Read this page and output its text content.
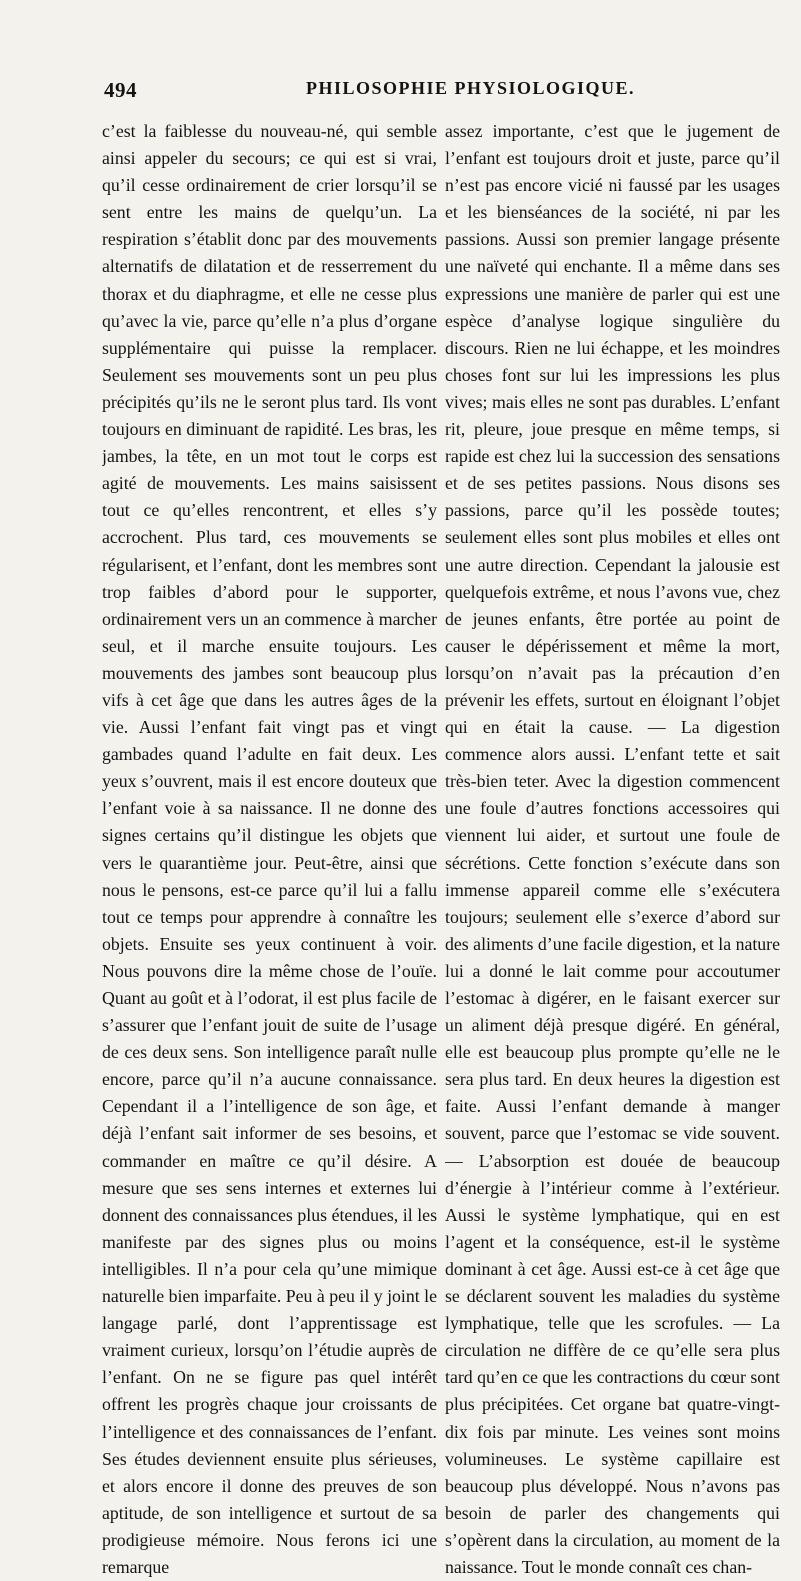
494	PHILOSOPHIE PHYSIOLOGIQUE.

c’est la faiblesse du nouveau-né, qui semble ainsi appeler du secours; ce qui est si vrai, qu’il cesse ordinairement de crier lorsqu’il se sent entre les mains de quelqu’un. La respiration s’établit donc par des mouvements alternatifs de dilatation et de resserrement du thorax et du diaphragme, et elle ne cesse plus qu’avec la vie, parce qu’elle n’a plus d’organe supplémentaire qui puisse la remplacer. Seulement ses mouvements sont un peu plus précipités qu’ils ne le seront plus tard. Ils vont toujours en diminuant de rapidité. Les bras, les jambes, la tête, en un mot tout le corps est agité de mouvements. Les mains saisissent tout ce qu’elles rencontrent, et elles s’y accrochent. Plus tard, ces mouvements se régularisent, et l’enfant, dont les membres sont trop faibles d’abord pour le supporter, ordinairement vers un an commence à marcher seul, et il marche ensuite toujours. Les mouvements des jambes sont beaucoup plus vifs à cet âge que dans les autres âges de la vie. Aussi l’enfant fait vingt pas et vingt gambades quand l’adulte en fait deux. Les yeux s’ouvrent, mais il est encore douteux que l’enfant voie à sa naissance. Il ne donne des signes certains qu’il distingue les objets que vers le quarantième jour. Peut-être, ainsi que nous le pensons, est-ce parce qu’il lui a fallu tout ce temps pour apprendre à connaître les objets. Ensuite ses yeux continuent à voir. Nous pouvons dire la même chose de l’ouïe. Quant au goût et à l’odorat, il est plus facile de s’assurer que l’enfant jouit de suite de l’usage de ces deux sens. Son intelligence paraît nulle encore, parce qu’il n’a aucune connaissance. Cependant il a l’intelligence de son âge, et déjà l’enfant sait informer de ses besoins, et commander en maître ce qu’il désire. A mesure que ses sens internes et externes lui donnent des connaissances plus étendues, il les manifeste par des signes plus ou moins intelligibles. Il n’a pour cela qu’une mimique naturelle bien imparfaite. Peu à peu il y joint le langage parlé, dont l’apprentissage est vraiment curieux, lorsqu’on l’étudie auprès de l’enfant. On ne se figure pas quel intérêt offrent les progrès chaque jour croissants de l’intelligence et des connaissances de l’enfant. Ses études deviennent ensuite plus sérieuses, et alors encore il donne des preuves de son aptitude, de son intelligence et surtout de sa prodigieuse mémoire. Nous ferons ici une remarque

assez importante, c’est que le jugement de l’enfant est toujours droit et juste, parce qu’il n’est pas encore vicié ni faussé par les usages et les bienséances de la société, ni par les passions. Aussi son premier langage présente une naïveté qui enchante. Il a même dans ses expressions une manière de parler qui est une espèce d’analyse logique singulière du discours. Rien ne lui échappe, et les moindres choses font sur lui les impressions les plus vives; mais elles ne sont pas durables. L’enfant rit, pleure, joue presque en même temps, si rapide est chez lui la succession des sensations et de ses petites passions. Nous disons ses passions, parce qu’il les possède toutes; seulement elles sont plus mobiles et elles ont une autre direction. Cependant la jalousie est quelquefois extrême, et nous l’avons vue, chez de jeunes enfants, être portée au point de causer le dépérissement et même la mort, lorsqu’on n’avait pas la précaution d’en prévenir les effets, surtout en éloignant l’objet qui en était la cause. — La digestion commence alors aussi. L’enfant tette et sait très-bien teter. Avec la digestion commencent une foule d’autres fonctions accessoires qui viennent lui aider, et surtout une foule de sécrétions. Cette fonction s’exécute dans son immense appareil comme elle s’exécutera toujours; seulement elle s’exerce d’abord sur des aliments d’une facile digestion, et la nature lui a donné le lait comme pour accoutumer l’estomac à digérer, en le faisant exercer sur un aliment déjà presque digéré. En général, elle est beaucoup plus prompte qu’elle ne le sera plus tard. En deux heures la digestion est faite. Aussi l’enfant demande à manger souvent, parce que l’estomac se vide souvent. — L’absorption est douée de beaucoup d’énergie à l’intérieur comme à l’extérieur. Aussi le système lymphatique, qui en est l’agent et la conséquence, est-il le système dominant à cet âge. Aussi est-ce à cet âge que se déclarent souvent les maladies du système lymphatique, telle que les scrofules. — La circulation ne diffère de ce qu’elle sera plus tard qu’en ce que les contractions du cœur sont plus précipitées. Cet organe bat quatre-vingt-dix fois par minute. Les veines sont moins volumineuses. Le système capillaire est beaucoup plus développé. Nous n’avons pas besoin de parler des changements qui s’opèrent dans la circulation, au moment de la naissance. Tout le monde connaît ces chan-
